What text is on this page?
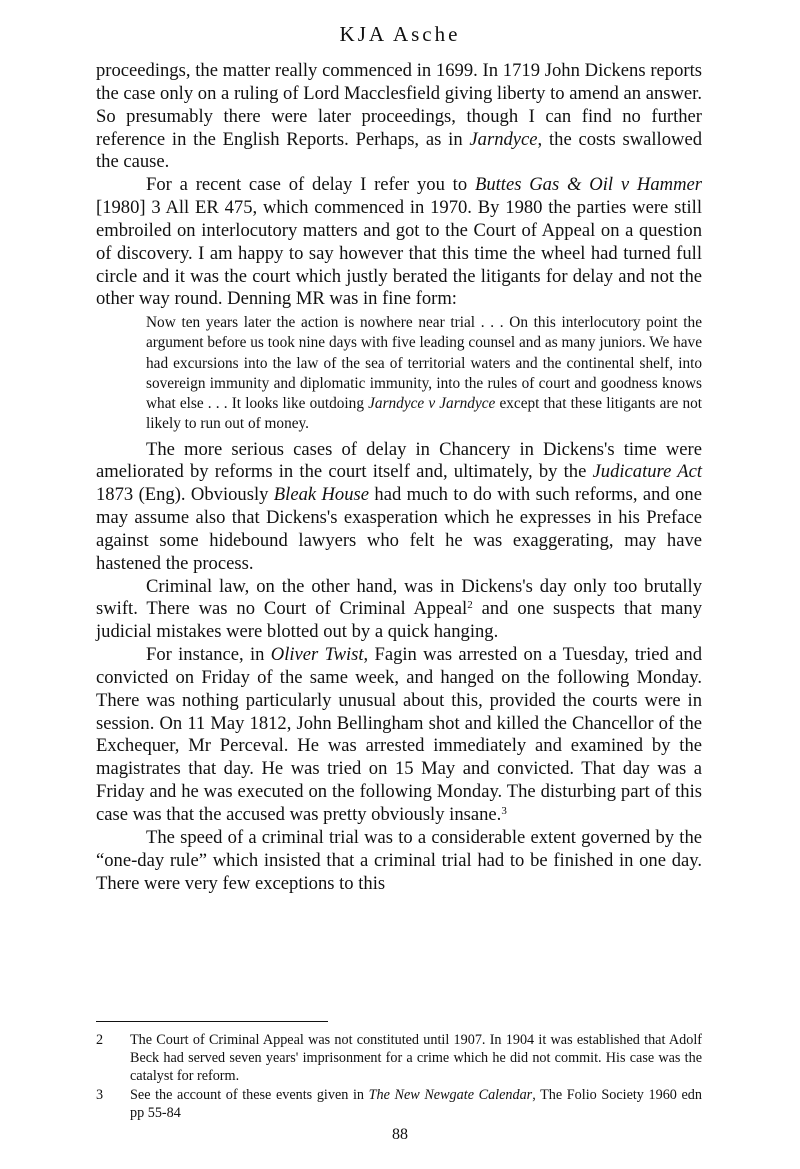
KJA Asche

proceedings, the matter really commenced in 1699. In 1719 John Dickens reports the case only on a ruling of Lord Macclesfield giving liberty to amend an answer. So presumably there were later proceedings, though I can find no further reference in the English Reports. Perhaps, as in Jarndyce, the costs swallowed the cause.

For a recent case of delay I refer you to Buttes Gas & Oil v Hammer [1980] 3 All ER 475, which commenced in 1970. By 1980 the parties were still embroiled on interlocutory matters and got to the Court of Appeal on a question of discovery. I am happy to say however that this time the wheel had turned full circle and it was the court which justly berated the litigants for delay and not the other way round. Denning MR was in fine form:

Now ten years later the action is nowhere near trial . . . On this interlocutory point the argument before us took nine days with five leading counsel and as many juniors. We have had excursions into the law of the sea of territorial waters and the continental shelf, into sovereign immunity and diplomatic immunity, into the rules of court and goodness knows what else . . . It looks like outdoing Jarndyce v Jarndyce except that these litigants are not likely to run out of money.

The more serious cases of delay in Chancery in Dickens's time were ameliorated by reforms in the court itself and, ultimately, by the Judicature Act 1873 (Eng). Obviously Bleak House had much to do with such reforms, and one may assume also that Dickens's exasperation which he expresses in his Preface against some hidebound lawyers who felt he was exaggerating, may have hastened the process.

Criminal law, on the other hand, was in Dickens's day only too brutally swift. There was no Court of Criminal Appeal$^2$ and one suspects that many judicial mistakes were blotted out by a quick hanging.

For instance, in Oliver Twist, Fagin was arrested on a Tuesday, tried and convicted on Friday of the same week, and hanged on the following Monday. There was nothing particularly unusual about this, provided the courts were in session. On 11 May 1812, John Bellingham shot and killed the Chancellor of the Exchequer, Mr Perceval. He was arrested immediately and examined by the magistrates that day. He was tried on 15 May and convicted. That day was a Friday and he was executed on the following Monday. The disturbing part of this case was that the accused was pretty obviously insane.$^3$

The speed of a criminal trial was to a considerable extent governed by the “one-day rule” which insisted that a criminal trial had to be finished in one day. There were very few exceptions to this

2	The Court of Criminal Appeal was not constituted until 1907. In 1904 it was established that Adolf Beck had served seven years' imprisonment for a crime which he did not commit. His case was the catalyst for reform.
3	See the account of these events given in The New Newgate Calendar, The Folio Society 1960 edn pp 55-84
88
